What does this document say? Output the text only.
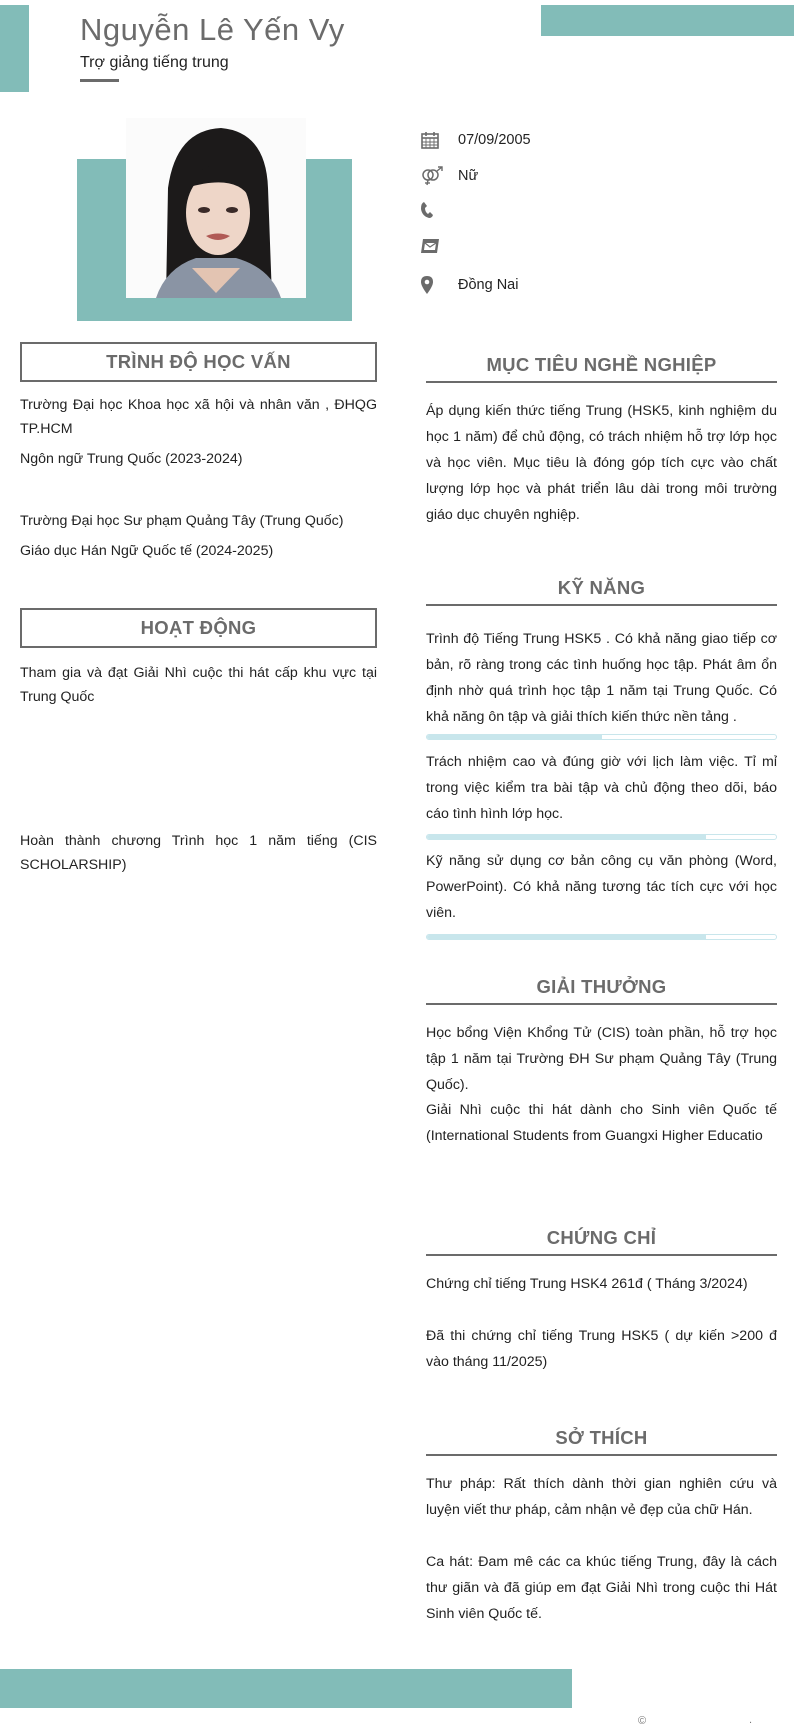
Nguyễn Lê Yến Vy
Trợ giảng tiếng trung
07/09/2005
Nữ
Đồng Nai
TRÌNH ĐỘ HỌC VẤN
Trường Đại học Khoa học xã hội và nhân văn , ĐHQG TP.HCM
Ngôn ngữ Trung Quốc (2023-2024)
Trường Đại học Sư phạm Quảng Tây (Trung Quốc)
Giáo dục Hán Ngữ Quốc tế (2024-2025)
HOẠT ĐỘNG
Tham gia và đạt Giải Nhì cuộc thi hát cấp khu vực tại Trung Quốc
Hoàn thành chương Trình học 1 năm tiếng (CIS SCHOLARSHIP)
MỤC TIÊU NGHỀ NGHIỆP
Áp dụng kiến thức tiếng Trung (HSK5, kinh nghiệm du học 1 năm) để chủ động, có trách nhiệm hỗ trợ lớp học và học viên. Mục tiêu là đóng góp tích cực vào chất lượng lớp học và phát triển lâu dài trong môi trường giáo dục chuyên nghiệp.
KỸ NĂNG
Trình độ Tiếng Trung HSK5 . Có khả năng giao tiếp cơ bản, rõ ràng trong các tình huống học tập. Phát âm ổn định nhờ quá trình học tập 1 năm tại Trung Quốc. Có khả năng ôn tập và giải thích kiến thức nền tảng .
Trách nhiệm cao và đúng giờ với lịch làm việc. Tỉ mỉ trong việc kiểm tra bài tập và chủ động theo dõi, báo cáo tình hình lớp học.
Kỹ năng sử dụng cơ bản công cụ văn phòng (Word, PowerPoint). Có khả năng tương tác tích cực với học viên.
GIẢI THƯỞNG
Học bổng Viện Khổng Tử (CIS) toàn phần, hỗ trợ học tập 1 năm tại Trường ĐH Sư phạm Quảng Tây (Trung Quốc).
Giải Nhì cuộc thi hát dành cho Sinh viên Quốc tế (International Students from Guangxi Higher Educatio
CHỨNG CHỈ
Chứng chỉ tiếng Trung HSK4 261đ ( Tháng 3/2024)
Đã thi chứng chỉ tiếng Trung HSK5 ( dự kiến >200 đ vào tháng 11/2025)
SỞ THÍCH
Thư pháp: Rất thích dành thời gian nghiên cứu và luyện viết thư pháp, cảm nhận vẻ đẹp của chữ Hán.
Ca hát: Đam mê các ca khúc tiếng Trung, đây là cách thư giãn và đã giúp em đạt Giải Nhì trong cuộc thi Hát Sinh viên Quốc tế.
©	.
